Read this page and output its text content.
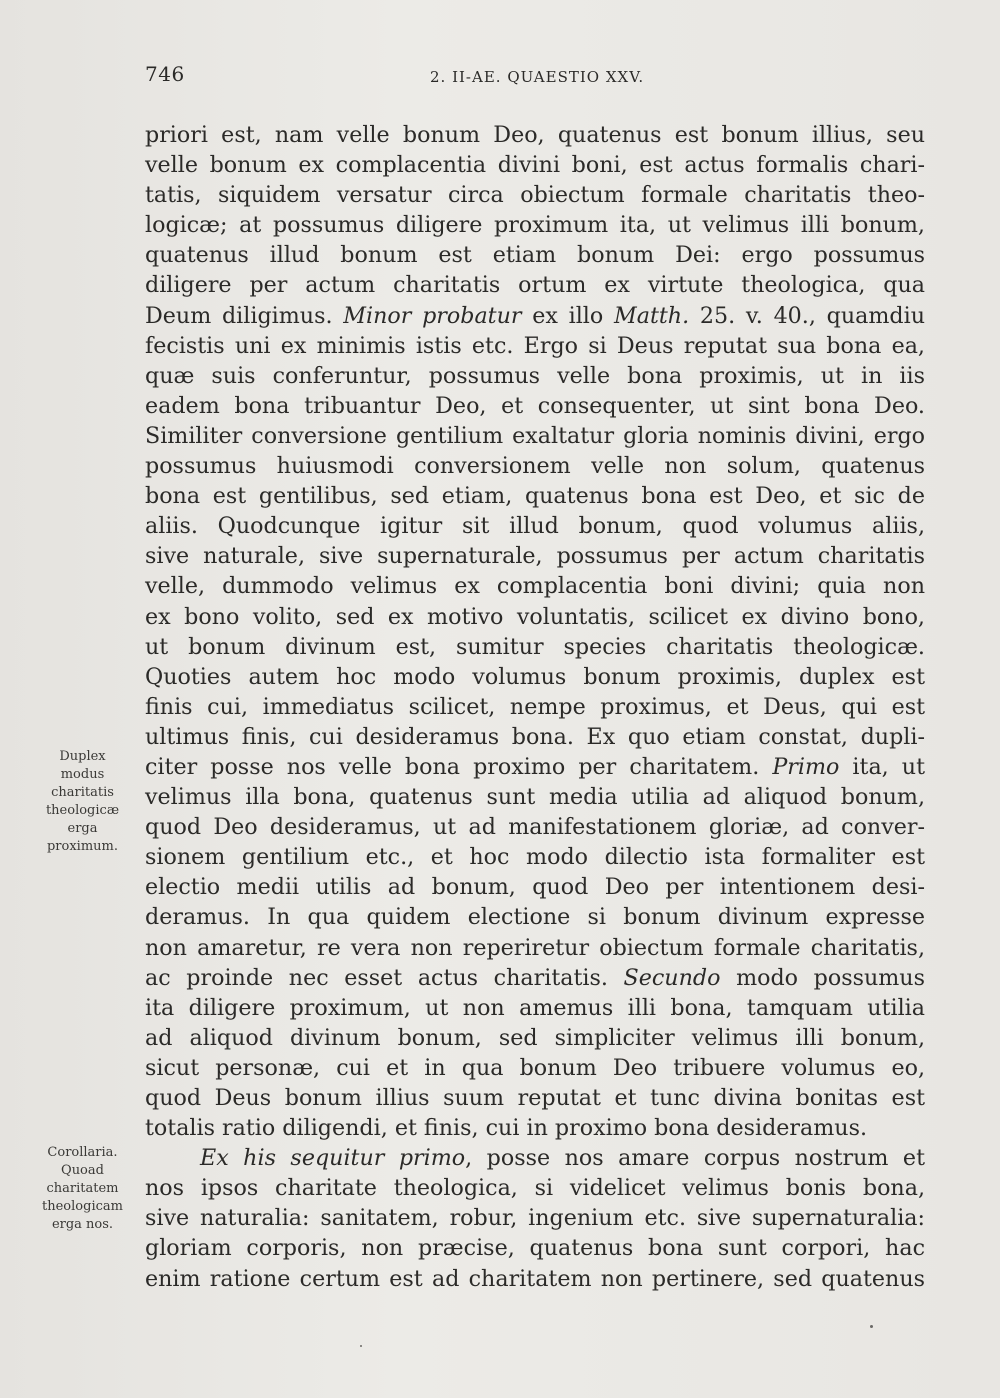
746	2. II-AE. QUAESTIO XXV.
priori est, nam velle bonum Deo, quatenus est bonum illius, seu
velle bonum ex complacentia divini boni, est actus formalis chari-
tatis, siquidem versatur circa obiectum formale charitatis theo-
logicæ; at possumus diligere proximum ita, ut velimus illi bonum,
quatenus illud bonum est etiam bonum Dei: ergo possumus
diligere per actum charitatis ortum ex virtute theologica, qua
Deum diligimus. Minor probatur ex illo Matth. 25. v. 40., quamdiu
fecistis uni ex minimis istis etc. Ergo si Deus reputat sua bona ea,
quæ suis conferuntur, possumus velle bona proximis, ut in iis
eadem bona tribuantur Deo, et consequenter, ut sint bona Deo.
Similiter conversione gentilium exaltatur gloria nominis divini, ergo
possumus huiusmodi conversionem velle non solum, quatenus
bona est gentilibus, sed etiam, quatenus bona est Deo, et sic de
aliis. Quodcunque igitur sit illud bonum, quod volumus aliis,
sive naturale, sive supernaturale, possumus per actum charitatis
velle, dummodo velimus ex complacentia boni divini; quia non
ex bono volito, sed ex motivo voluntatis, scilicet ex divino bono,
ut bonum divinum est, sumitur species charitatis theologicæ.
Quoties autem hoc modo volumus bonum proximis, duplex est
finis cui, immediatus scilicet, nempe proximus, et Deus, qui est
ultimus finis, cui desideramus bona. Ex quo etiam constat, dupli-
citer posse nos velle bona proximo per charitatem. Primo ita, ut
velimus illa bona, quatenus sunt media utilia ad aliquod bonum,
quod Deo desideramus, ut ad manifestationem gloriæ, ad conver-
sionem gentilium etc., et hoc modo dilectio ista formaliter est
electio medii utilis ad bonum, quod Deo per intentionem desi-
deramus. In qua quidem electione si bonum divinum expresse
non amaretur, re vera non reperiretur obiectum formale charitatis,
ac proinde nec esset actus charitatis. Secundo modo possumus
ita diligere proximum, ut non amemus illi bona, tamquam utilia
ad aliquod divinum bonum, sed simpliciter velimus illi bonum,
sicut personæ, cui et in qua bonum Deo tribuere volumus eo,
quod Deus bonum illius suum reputat et tunc divina bonitas est
totalis ratio diligendi, et finis, cui in proximo bona desideramus.
Ex his sequitur primo, posse nos amare corpus nostrum et
nos ipsos charitate theologica, si videlicet velimus bonis bona,
sive naturalia: sanitatem, robur, ingenium etc. sive supernaturalia:
gloriam corporis, non præcise, quatenus bona sunt corpori, hac
enim ratione certum est ad charitatem non pertinere, sed quatenus
Duplex
modus
charitatis
theologicæ
erga
proximum.
Corollaria.
Quoad
charitatem
theologicam
erga nos.
